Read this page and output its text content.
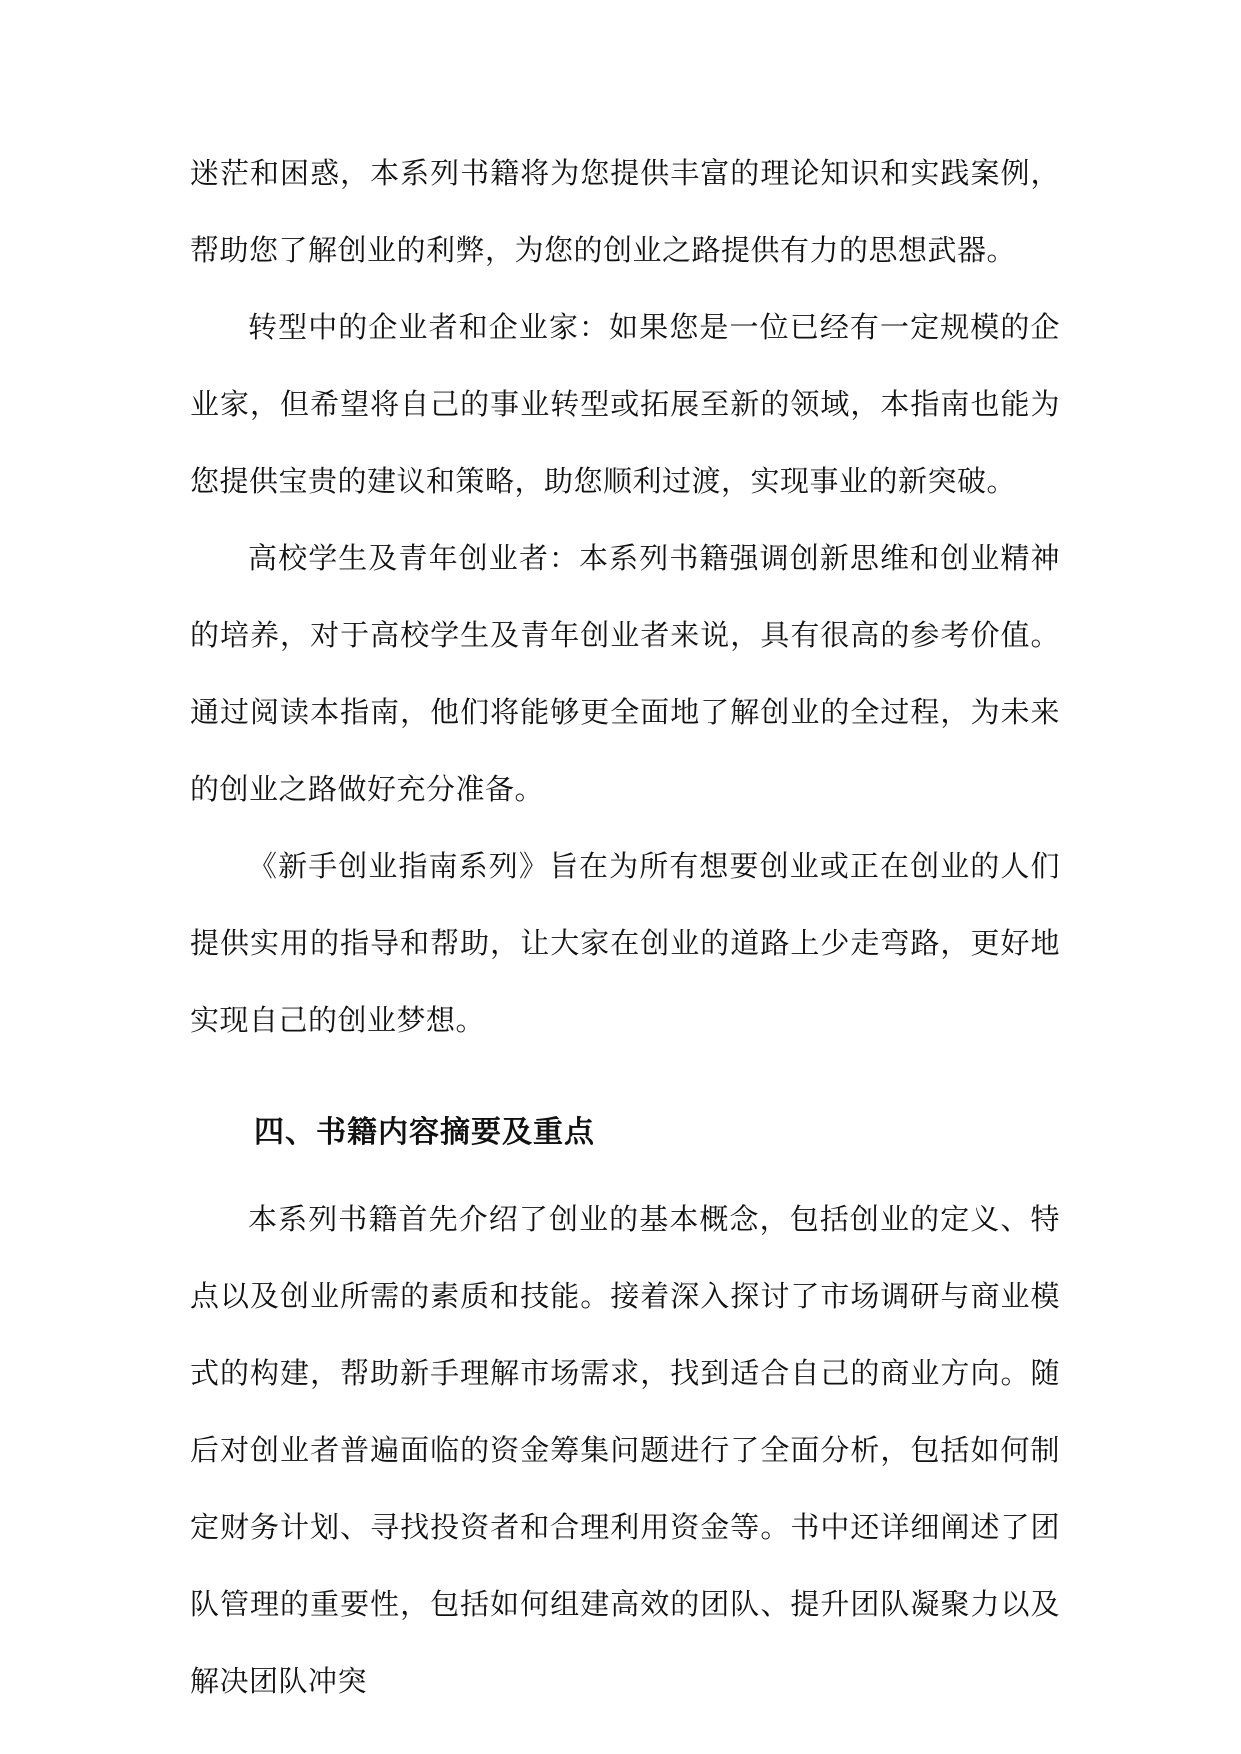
迷茫和困惑，本系列书籍将为您提供丰富的理论知识和实践案例，帮助您了解创业的利弊，为您的创业之路提供有力的思想武器。

转型中的企业者和企业家：如果您是一位已经有一定规模的企业家，但希望将自己的事业转型或拓展至新的领域，本指南也能为您提供宝贵的建议和策略，助您顺利过渡，实现事业的新突破。

高校学生及青年创业者：本系列书籍强调创新思维和创业精神的培养，对于高校学生及青年创业者来说，具有很高的参考价值。通过阅读本指南，他们将能够更全面地了解创业的全过程，为未来的创业之路做好充分准备。

《新手创业指南系列》旨在为所有想要创业或正在创业的人们提供实用的指导和帮助，让大家在创业的道路上少走弯路，更好地实现自己的创业梦想。

四、书籍内容摘要及重点

本系列书籍首先介绍了创业的基本概念，包括创业的定义、特点以及创业所需的素质和技能。接着深入探讨了市场调研与商业模式的构建，帮助新手理解市场需求，找到适合自己的商业方向。随后对创业者普遍面临的资金筹集问题进行了全面分析，包括如何制定财务计划、寻找投资者和合理利用资金等。书中还详细阐述了团队管理的重要性，包括如何组建高效的团队、提升团队凝聚力以及解决团队冲突
